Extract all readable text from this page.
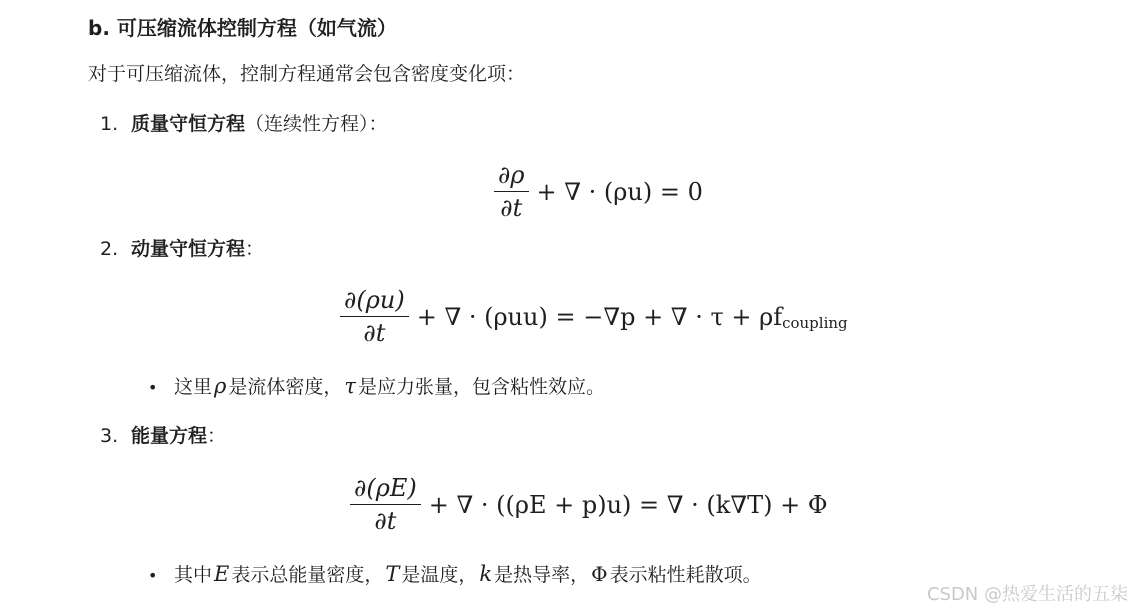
b. 可压缩流体控制方程（如气流）
对于可压缩流体，控制方程通常会包含密度变化项：
1. 质量守恒方程（连续性方程）：
$\frac{\partial\rho}{\partial t}$ + ∇ · (ρu) = 0
2. 动量守恒方程：
$\frac{\partial(\rho u)}{\partial t}$ + ∇ · (ρuu) = −∇p + ∇ · τ + ρf coupling
• 这里ρ 是流体密度，τ 是应力张量，包含粘性效应。
3. 能量方程：
$\frac{\partial(\rho E)}{\partial t}$ + ∇ · ((ρE + p)u) = ∇ · (k∇T) + Φ
• 其中E 表示总能量密度，T 是温度，k 是热导率， Φ 表示粘性耗散项。
CSDN @热爱生活的五柒
